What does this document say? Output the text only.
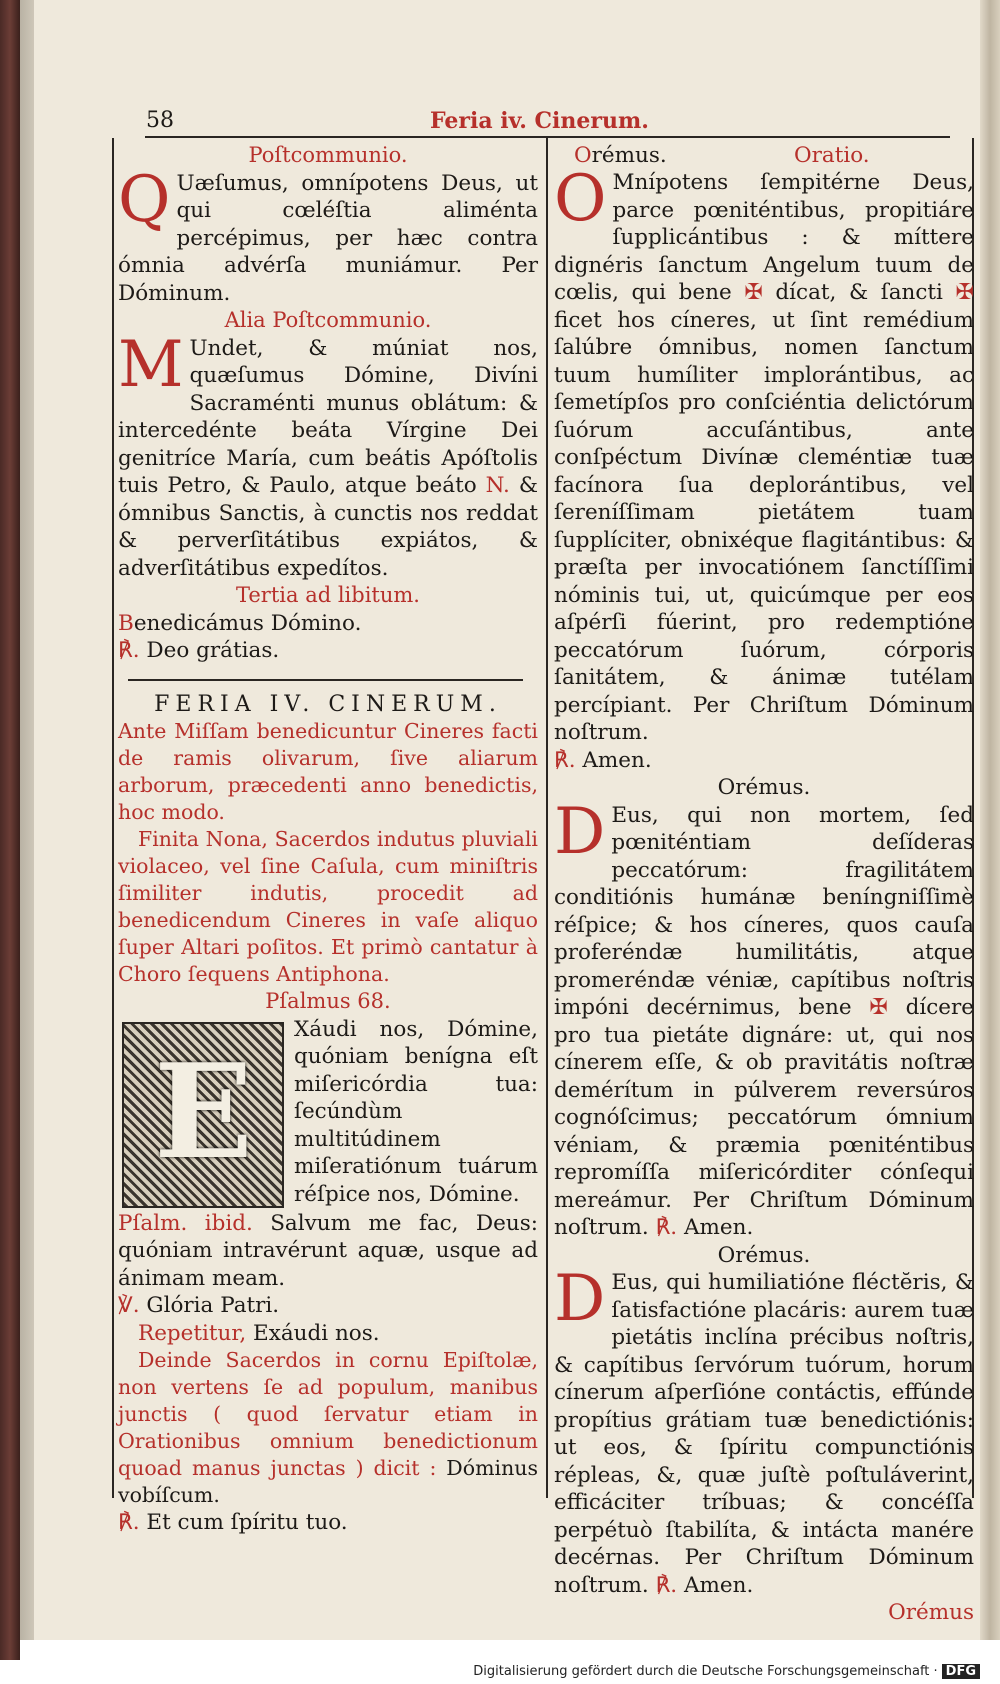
58	Feria iv. Cinerum.
Poſtcommunio.

Q Uæſumus, omnípotens Deus, ut qui cœléſtia aliménta percépimus, per hæc contra ómnia advérſa muniámur. Per Dóminum.

Alia Poſtcommunio.

M Undet, & múniat nos, quæſumus Dómine, Divíni Sacraménti munus oblátum: & intercedénte beáta Vírgine Dei genitríce María, cum beátis Apóſtolis tuis Petro, & Paulo, atque beáto N. & ómnibus Sanctis, à cunctis nos reddat & perverſitátibus expiátos, & adverſitátibus expedítos.

Tertia ad libitum.

Benedicámus Dómino.

℟. Deo grátias.

FERIA IV. CINERUM.

Ante Miſſam benedicuntur Cineres facti de ramis olivarum, ſive aliarum arborum, præcedenti anno benedictis, hoc modo.

Finita Nona, Sacerdos indutus pluviali violaceo, vel ſine Caſula, cum miniſtris ſimiliter indutis, procedit ad benedicendum Cineres in vaſe aliquo ſuper Altari poſitos. Et primò cantatur à Choro ſequens Antiphona.

Pſalmus 68.

E
Xáudi nos, Dómine, quóniam benígna eſt miſericórdia tua: ſecúndùm multitúdinem miſeratiónum tuárum réſpice nos, Dómine.

Pſalm. ibid. Salvum me fac, Deus: quóniam intravérunt aquæ, usque ad ánimam meam.

℣. Glória Patri.

Repetitur, Exáudi nos.

Deinde Sacerdos in cornu Epiſtolæ, non vertens ſe ad populum, manibus junctis ( quod ſervatur etiam in Orationibus omnium benedictionum quoad manus junctas ) dicit : Dóminus vobíſcum.

℟. Et cum ſpíritu tuo.

Orémus.	Oratio.

O Mnípotens ſempitérne Deus, parce pœniténtibus, propitiáre ſupplicántibus : & míttere dignéris ſanctum Angelum tuum de cœlis, qui bene ✠ dícat, & ſancti ✠ ficet hos cíneres, ut ſint remédium ſalúbre ómnibus, nomen ſanctum tuum humíliter implorántibus, ac ſemetípſos pro conſciéntia delictórum ſuórum accuſántibus, ante conſpéctum Divínæ cleméntiæ tuæ facínora ſua deplorántibus, vel ſereníſſimam pietátem tuam ſupplíciter, obnixéque flagitántibus: & præſta per invocatiónem ſanctíſſimi nóminis tui, ut, quicúmque per eos aſpérſi fúerint, pro redemptióne peccatórum ſuórum, córporis ſanitátem, & ánimæ tutélam percípiant. Per Chriſtum Dóminum noſtrum.

℟. Amen.

Orémus.

D Eus, qui non mortem, ſed pœniténtiam deſíderas peccatórum: fragilitátem conditiónis humánæ beníngniſſimè réſpice; & hos cíneres, quos cauſa proferéndæ humilitátis, atque promeréndæ véniæ, capítibus noſtris impóni decérnimus, bene ✠ dícere pro tua pietáte dignáre: ut, qui nos cínerem eſſe, & ob pravitátis noſtræ demérítum in púlverem reversúros cognóſcimus; peccatórum ómnium véniam, & præmia pœniténtibus repromíſſa miſericórditer cónſequi mereámur. Per Chriſtum Dóminum noſtrum. ℟. Amen.

Orémus.

D Eus, qui humiliatióne fléctĕris, & ſatisfactióne placáris: aurem tuæ pietátis inclína précibus noſtris, & capítibus ſervórum tuórum, horum cínerum aſperſióne contáctis, effúnde propítius grátiam tuæ benedictiónis: ut eos, & ſpíritu compunctiónis répleas, &, quæ juſtè poſtuláverint, efficáciter tríbuas; & concéſſa perpétuò ſtabilíta, & intácta manére decérnas. Per Chriſtum Dóminum noſtrum. ℟. Amen.

Orémus
Digitalisierung gefördert durch die Deutsche Forschungsgemeinschaft · DFG
